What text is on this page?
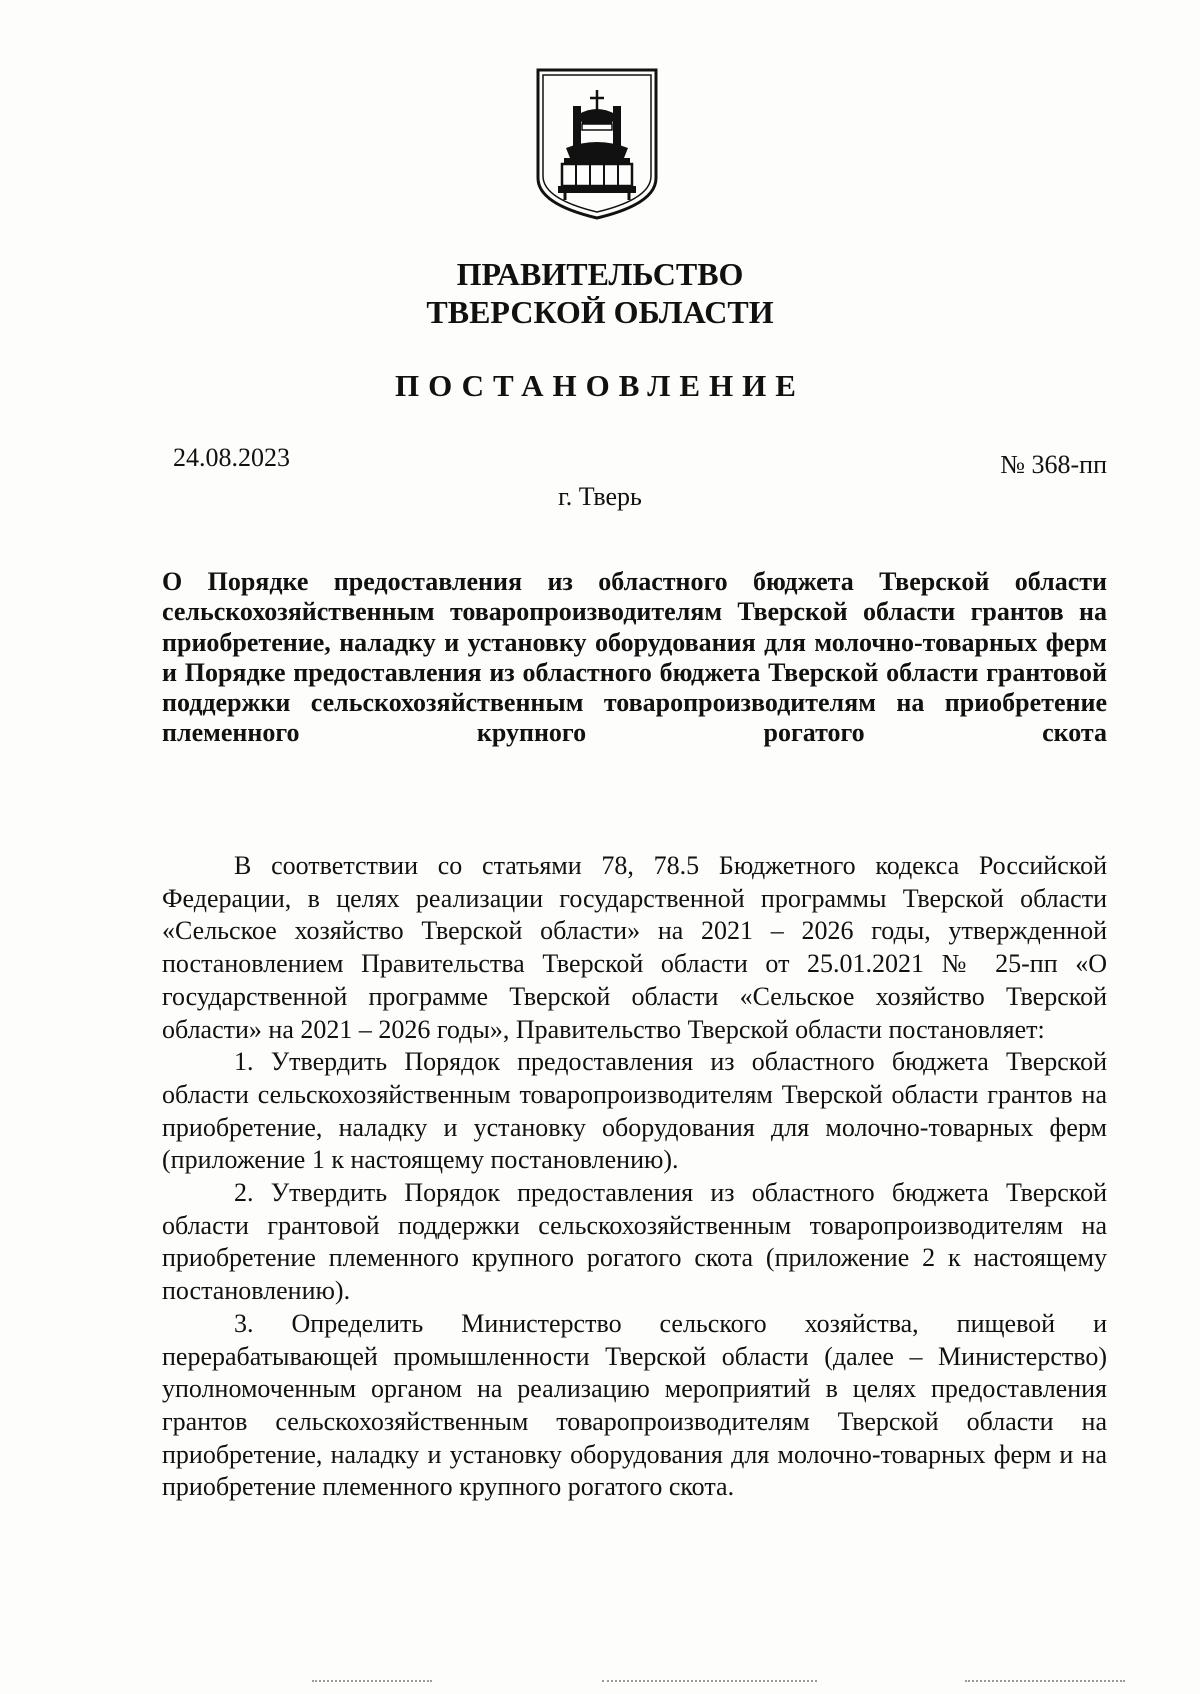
ПРАВИТЕЛЬСТВО
ТВЕРСКОЙ ОБЛАСТИ
ПОСТАНОВЛЕНИЕ
24.08.2023	№ 368-пп
г. Тверь
О Порядке предоставления из областного бюджета Тверской области сельскохозяйственным товаропроизводителям Тверской области грантов на приобретение, наладку и установку оборудования для молочно-товарных ферм и Порядке предоставления из областного бюджета Тверской области грантовой поддержки сельскохозяйственным товаропроизводителям на приобретение племенного крупного рогатого скота

В соответствии со статьями 78, 78.5 Бюджетного кодекса Российской Федерации, в целях реализации государственной программы Тверской области «Сельское хозяйство Тверской области» на 2021 – 2026 годы, утвержденной постановлением Правительства Тверской области от 25.01.2021 № 25-пп «О государственной программе Тверской области «Сельское хозяйство Тверской области» на 2021 – 2026 годы», Правительство Тверской области постановляет:

1. Утвердить Порядок предоставления из областного бюджета Тверской области сельскохозяйственным товаропроизводителям Тверской области грантов на приобретение, наладку и установку оборудования для молочно-товарных ферм (приложение 1 к настоящему постановлению).

2. Утвердить Порядок предоставления из областного бюджета Тверской области грантовой поддержки сельскохозяйственным товаропроизводителям на приобретение племенного крупного рогатого скота (приложение 2 к настоящему постановлению).

3. Определить Министерство сельского хозяйства, пищевой и перерабатывающей промышленности Тверской области (далее – Министерство) уполномоченным органом на реализацию мероприятий в целях предоставления грантов сельскохозяйственным товаропроизводителям Тверской области на приобретение, наладку и установку оборудования для молочно-товарных ферм и на приобретение племенного крупного рогатого скота.
